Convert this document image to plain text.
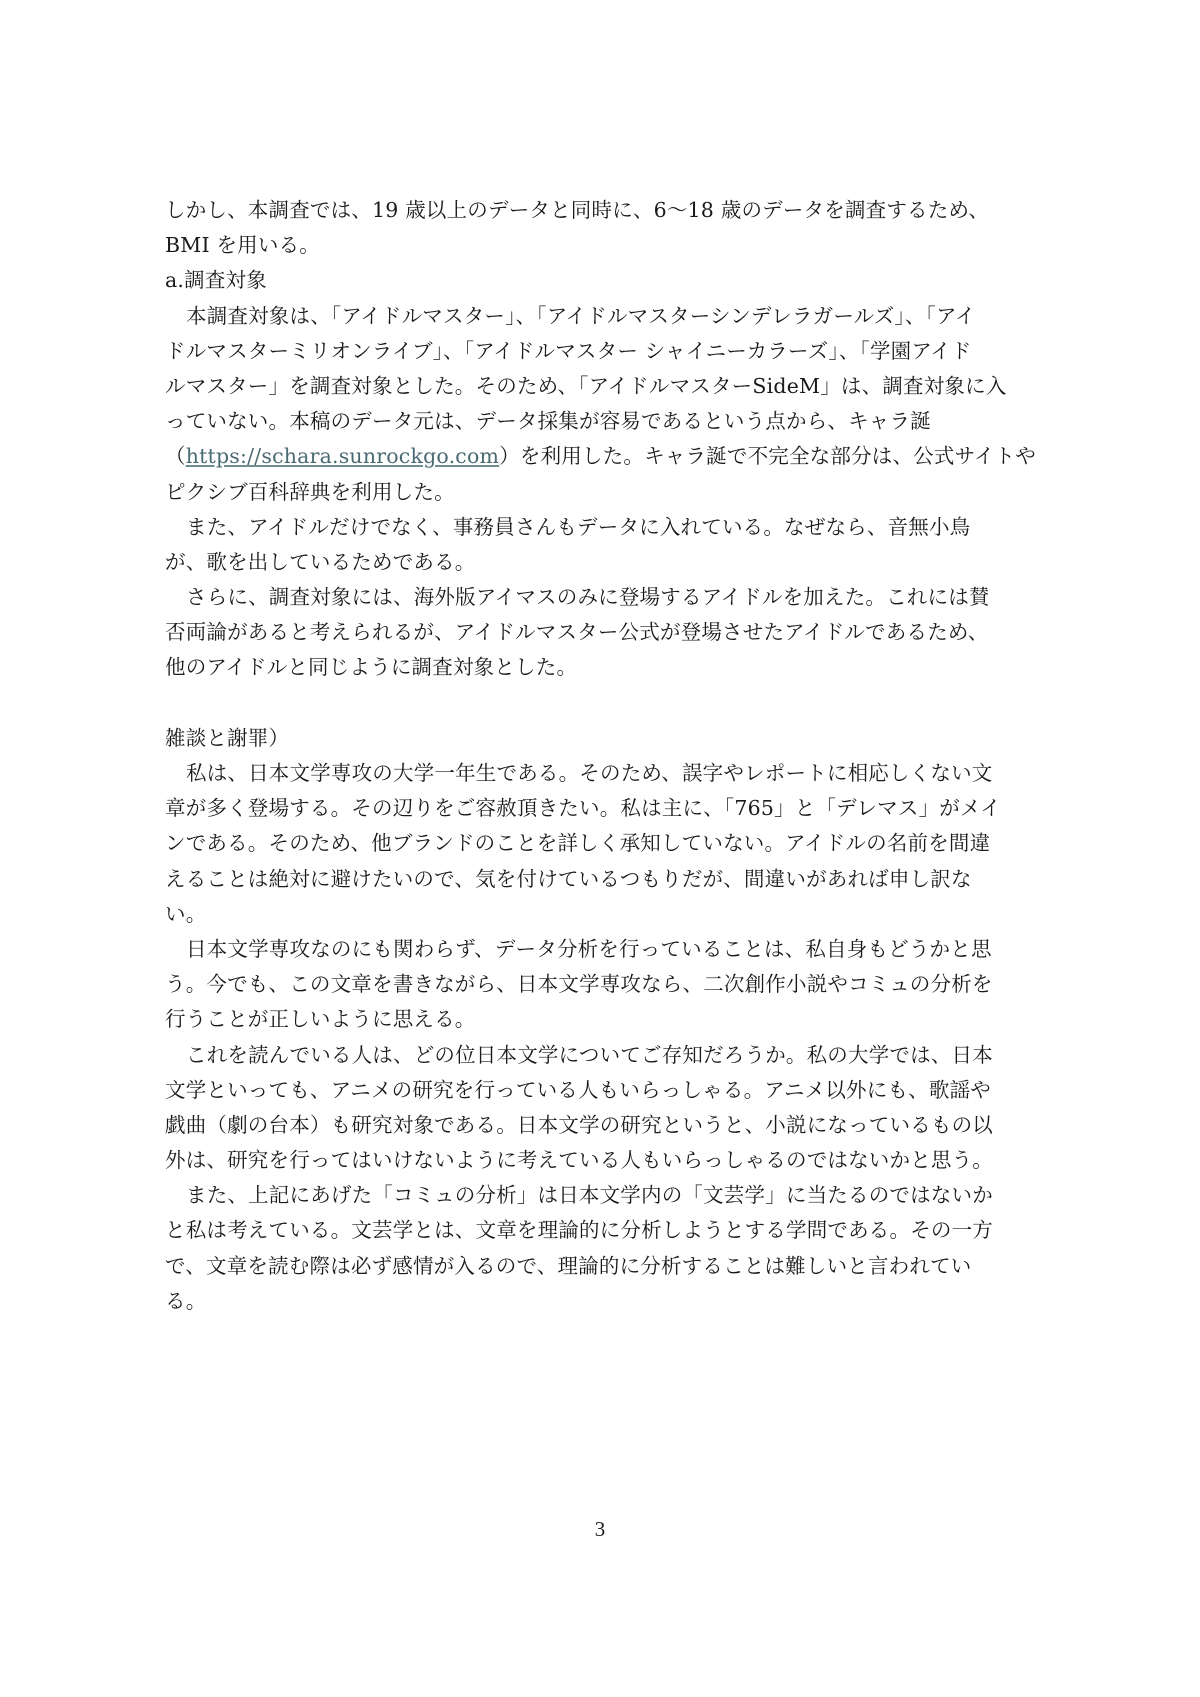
しかし、本調査では、19 歳以上のデータと同時に、6～18 歳のデータを調査するため、
BMI を用いる。
a.調査対象
本調査対象は、「アイドルマスター」、「アイドルマスターシンデレラガールズ」、「アイ
ドルマスターミリオンライブ」、「アイドルマスター シャイニーカラーズ」、「学園アイド
ルマスター」を調査対象とした。そのため、「アイドルマスターSideM」は、調査対象に入
っていない。本稿のデータ元は、データ採集が容易であるという点から、キャラ誕
（https://schara.sunrockgo.com）を利用した。キャラ誕で不完全な部分は、公式サイトや
ピクシブ百科辞典を利用した。
また、アイドルだけでなく、事務員さんもデータに入れている。なぜなら、音無小鳥
が、歌を出しているためである。
さらに、調査対象には、海外版アイマスのみに登場するアイドルを加えた。これには賛
否両論があると考えられるが、アイドルマスター公式が登場させたアイドルであるため、
他のアイドルと同じように調査対象とした。
雑談と謝罪）
私は、日本文学専攻の大学一年生である。そのため、誤字やレポートに相応しくない文
章が多く登場する。その辺りをご容赦頂きたい。私は主に、「765」と「デレマス」がメイ
ンである。そのため、他ブランドのことを詳しく承知していない。アイドルの名前を間違
えることは絶対に避けたいので、気を付けているつもりだが、間違いがあれば申し訳な
い。
日本文学専攻なのにも関わらず、データ分析を行っていることは、私自身もどうかと思
う。今でも、この文章を書きながら、日本文学専攻なら、二次創作小説やコミュの分析を
行うことが正しいように思える。
これを読んでいる人は、どの位日本文学についてご存知だろうか。私の大学では、日本
文学といっても、アニメの研究を行っている人もいらっしゃる。アニメ以外にも、歌謡や
戯曲（劇の台本）も研究対象である。日本文学の研究というと、小説になっているもの以
外は、研究を行ってはいけないように考えている人もいらっしゃるのではないかと思う。
また、上記にあげた「コミュの分析」は日本文学内の「文芸学」に当たるのではないか
と私は考えている。文芸学とは、文章を理論的に分析しようとする学問である。その一方
で、文章を読む際は必ず感情が入るので、理論的に分析することは難しいと言われてい
る。
3
